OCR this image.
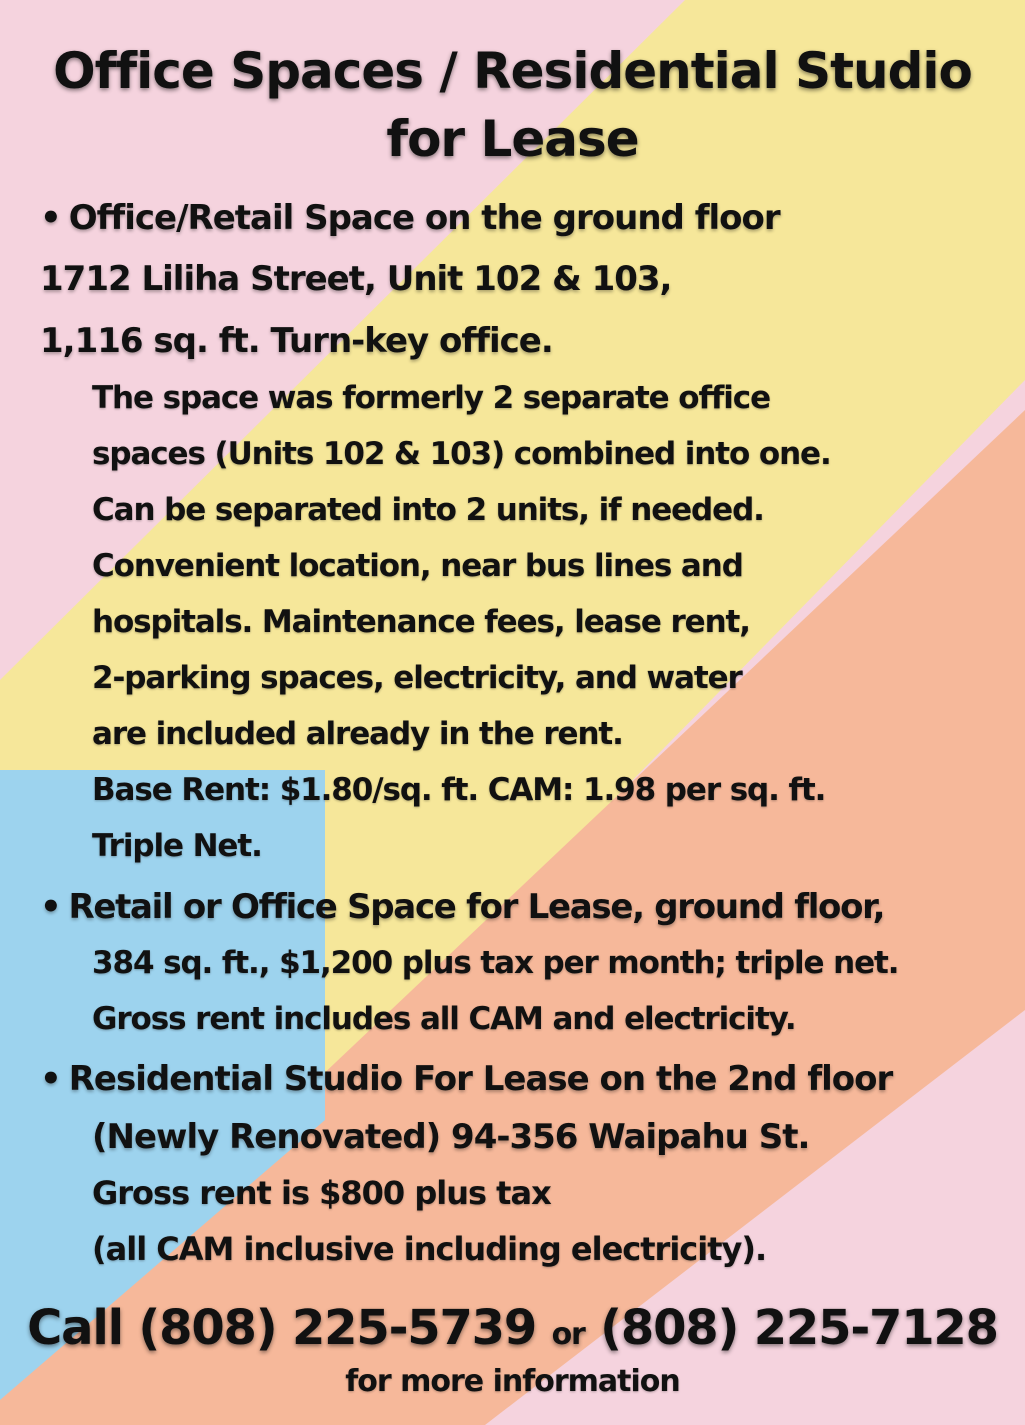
Office Spaces / Residential Studio
for Lease
• Office/Retail Space on the ground floor
1712 Liliha Street, Unit 102 & 103,
1,116 sq. ft. Turn-key office.
The space was formerly 2 separate office
spaces (Units 102 & 103) combined into one.
Can be separated into 2 units, if needed.
Convenient location, near bus lines and
hospitals. Maintenance fees, lease rent,
2-parking spaces, electricity, and water
are included already in the rent.
Base Rent: $1.80/sq. ft. CAM: 1.98 per sq. ft.
Triple Net.
• Retail or Office Space for Lease, ground floor,
384 sq. ft., $1,200 plus tax per month; triple net.
Gross rent includes all CAM and electricity.
• Residential Studio For Lease on the 2nd floor
(Newly Renovated) 94-356 Waipahu St.
Gross rent is $800 plus tax
(all CAM inclusive including electricity).
Call (808) 225-5739 or (808) 225-7128
for more information
